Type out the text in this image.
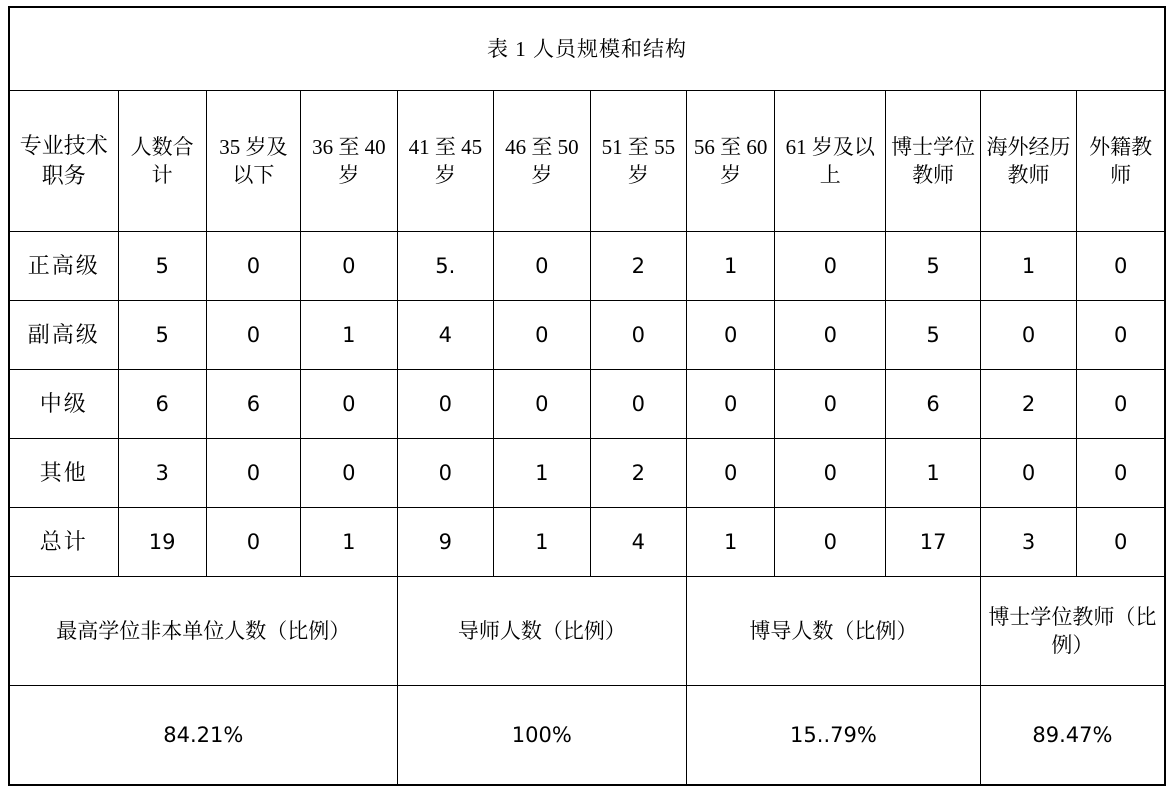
表 1 人员规模和结构											
专业技术职务	人数合计	35 岁及以下	36 至 40 岁	41 至 45 岁	46 至 50 岁	51 至 55 岁	56 至 60 岁	61 岁及以上	博士学位教师	海外经历教师	外籍教师
正高级	5	0	0	5.	0	2	1	0	5	1	0
副高级	5	0	1	4	0	0	0	0	5	0	0
中级	6	6	0	0	0	0	0	0	6	2	0
其他	3	0	0	0	1	2	0	0	1	0	0
总计	19	0	1	9	1	4	1	0	17	3	0
最高学位非本单位人数（比例）				导师人数（比例）			博导人数（比例）			博士学位教师（比例）	
84.21%				100%			15..79%			89.47%	
